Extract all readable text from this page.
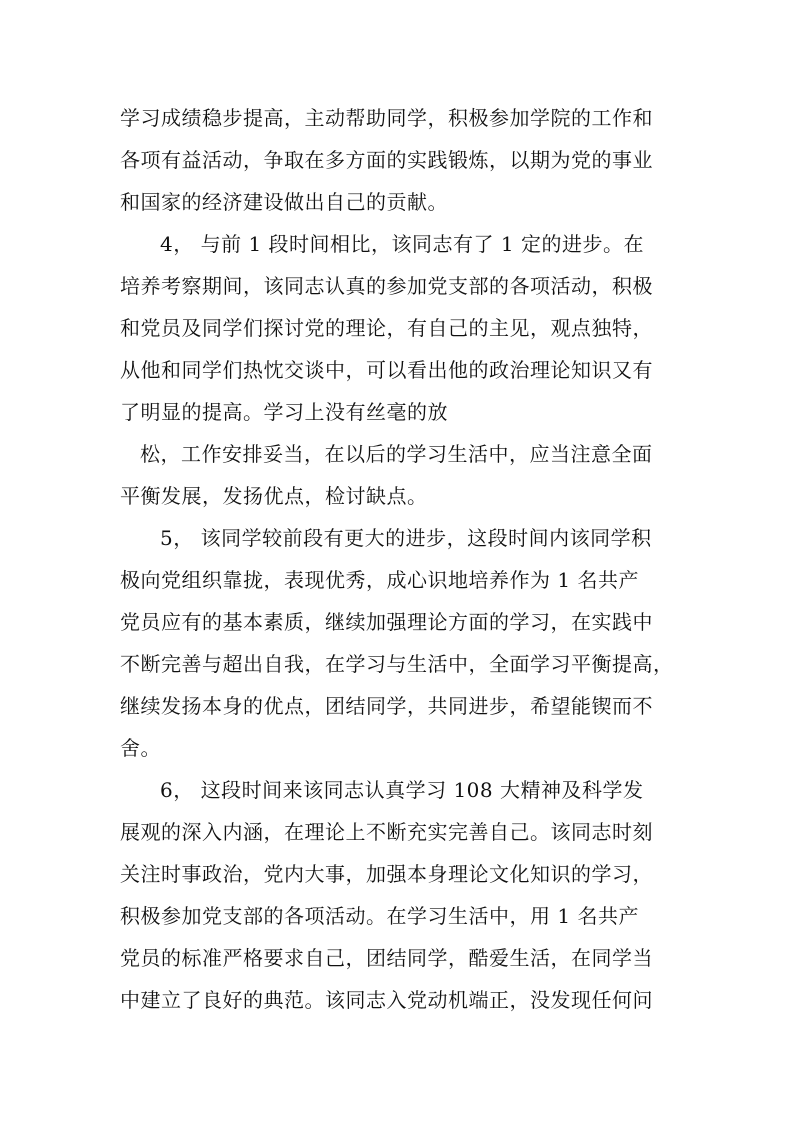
学习成绩稳步提高，主动帮助同学，积极参加学院的工作和
各项有益活动，争取在多方面的实践锻炼，以期为党的事业
和国家的经济建设做出自己的贡献。
4， 与前 1 段时间相比，该同志有了 1 定的进步。在
培养考察期间，该同志认真的参加党支部的各项活动，积极
和党员及同学们探讨党的理论，有自己的主见，观点独特，
从他和同学们热忱交谈中，可以看出他的政治理论知识又有
了明显的提高。学习上没有丝毫的放
松，工作安排妥当，在以后的学习生活中，应当注意全面
平衡发展，发扬优点，检讨缺点。
5， 该同学较前段有更大的进步，这段时间内该同学积
极向党组织靠拢，表现优秀，成心识地培养作为 1 名共产
党员应有的基本素质，继续加强理论方面的学习，在实践中
不断完善与超出自我，在学习与生活中，全面学习平衡提高，
继续发扬本身的优点，团结同学，共同进步，希望能锲而不
舍。
6， 这段时间来该同志认真学习 108 大精神及科学发
展观的深入内涵，在理论上不断充实完善自己。该同志时刻
关注时事政治，党内大事，加强本身理论文化知识的学习，
积极参加党支部的各项活动。在学习生活中，用 1 名共产
党员的标准严格要求自己，团结同学，酷爱生活，在同学当
中建立了良好的典范。该同志入党动机端正，没发现任何问
